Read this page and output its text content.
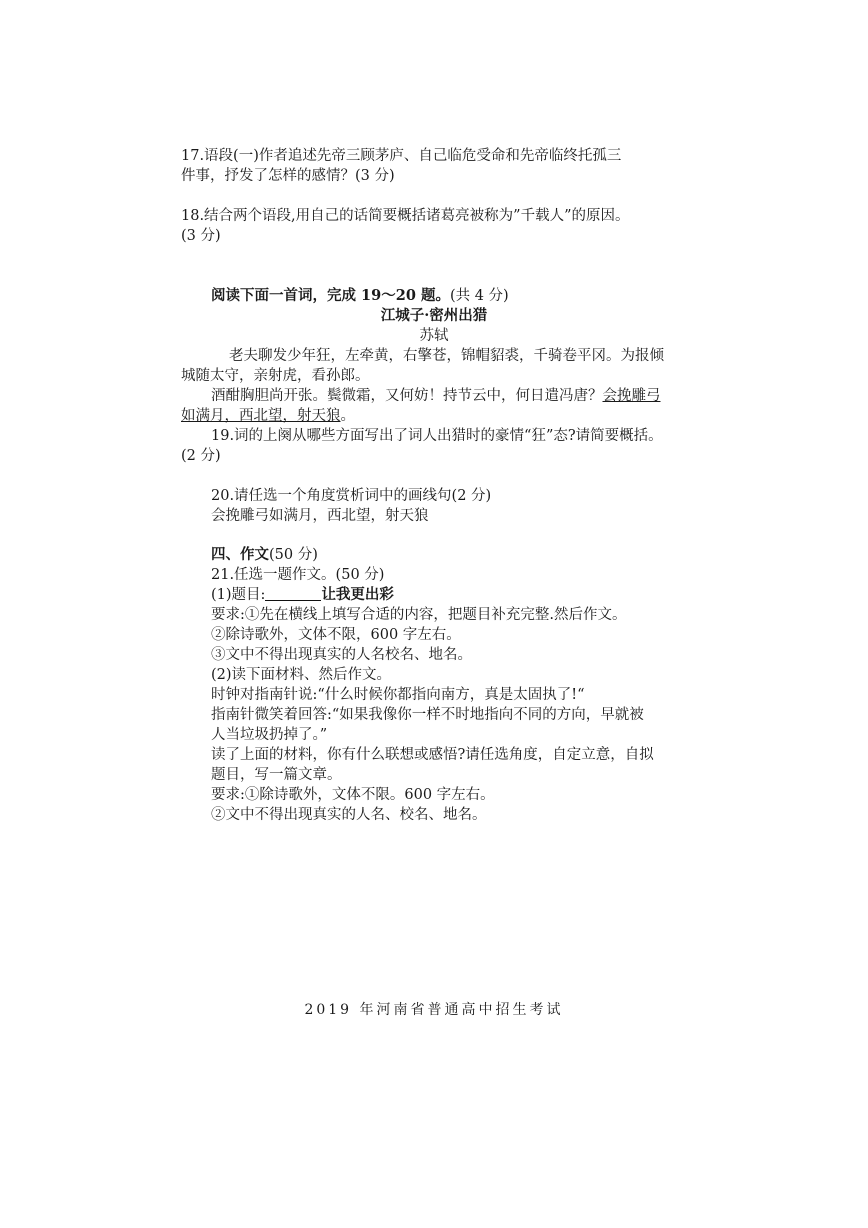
17.语段(一)作者追述先帝三顾茅庐、自己临危受命和先帝临终托孤三
件事，抒发了怎样的感情？(3 分)
18.结合两个语段,用自己的话简要概括诸葛亮被称为”千载人”的原因。
(3 分)
阅读下面一首词，完成 19～20 题。(共 4 分)
江城子·密州出猎
苏轼
老夫聊发少年狂，左牵黄，右擎苍，锦帽貂裘，千骑卷平冈。为报倾
城随太守，亲射虎，看孙郎。
酒酣胸胆尚开张。鬓微霜，又何妨！持节云中，何日遣冯唐？会挽雕弓
如满月，西北望，射天狼。
19.词的上阕从哪些方面写出了词人出猎时的豪情“狂”态?请简要概括。
(2 分)
20.请任选一个角度赏析词中的画线句(2 分)
会挽雕弓如满月，西北望，射天狼
四、作文(50 分)
21.任选一题作文。(50 分)
(1)题目:	让我更出彩
要求:①先在横线上填写合适的内容，把题目补充完整.然后作文。
②除诗歌外，文体不限，600 字左右。
③文中不得出现真实的人名校名、地名。
(2)读下面材料、然后作文。
时钟对指南针说:“什么时候你都指向南方，真是太固执了!“
指南针微笑着回答:“如果我像你一样不时地指向不同的方向，早就被
人当垃圾扔掉了。”
读了上面的材料，你有什么联想或感悟?请任选角度，自定立意，自拟
题目，写一篇文章。
要求:①除诗歌外，文体不限。600 字左右。
②文中不得出现真实的人名、校名、地名。
2019 年河南省普通高中招生考试
